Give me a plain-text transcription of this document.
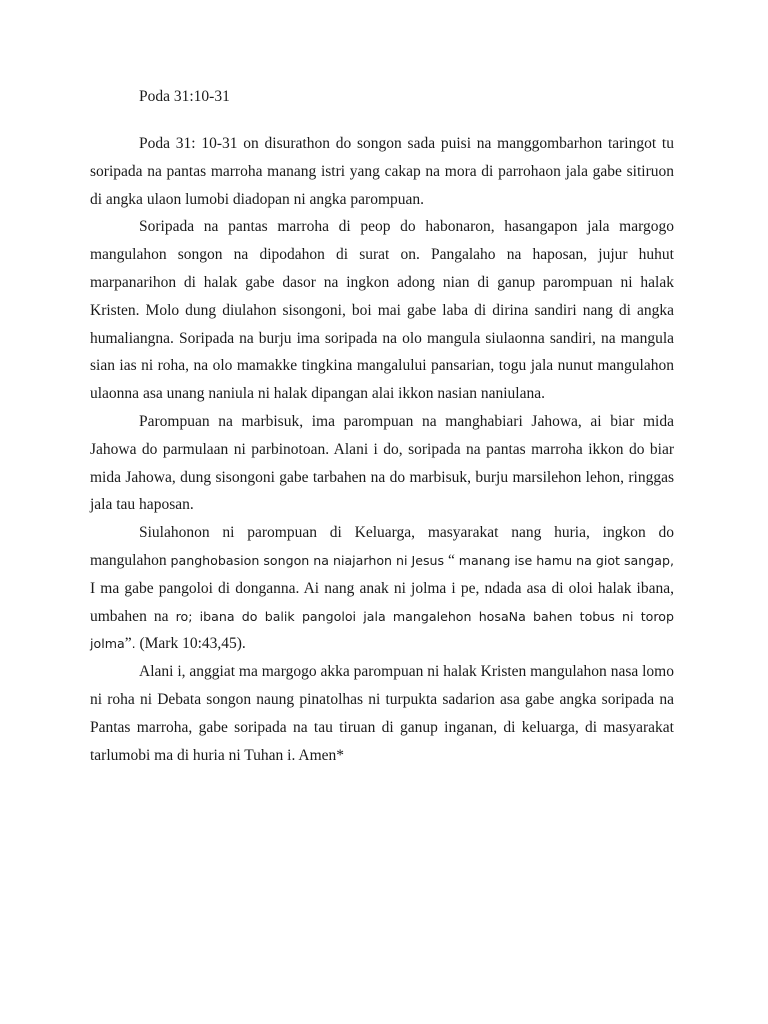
Poda 31:10-31

Poda 31: 10-31 on disurathon do songon sada puisi na manggombarhon taringot tu soripada na pantas marroha manang istri yang cakap na mora di parrohaon jala gabe sitiruon di angka ulaon lumobi diadopan ni angka parompuan.

Soripada na pantas marroha di peop do habonaron, hasangapon jala margogo mangulahon songon na dipodahon di surat on. Pangalaho na haposan, jujur huhut marpanarihon di halak gabe dasor na ingkon adong nian di ganup parompuan ni halak Kristen. Molo dung diulahon sisongoni, boi mai gabe laba di dirina sandiri nang di angka humaliangna. Soripada na burju ima soripada na olo mangula siulaonna sandiri, na mangula sian ias ni roha, na olo mamakke tingkina mangalului pansarian, togu jala nunut mangulahon ulaonna asa unang naniula ni halak dipangan alai ikkon nasian naniulana.

Parompuan na marbisuk, ima parompuan na manghabiari Jahowa, ai biar mida Jahowa do parmulaan ni parbinotoan. Alani i do, soripada na pantas marroha ikkon do biar mida Jahowa, dung sisongoni gabe tarbahen na do marbisuk, burju marsilehon lehon, ringgas jala tau haposan.

Siulahonon ni parompuan di Keluarga, masyarakat nang huria, ingkon do mangulahon panghobasion songon na niajarhon ni Jesus “ manang ise hamu na giot sangap, I ma gabe pangoloi di donganna. Ai nang anak ni jolma i pe, ndada asa di oloi halak ibana, umbahen na ro; ibana do balik pangoloi jala mangalehon hosaNa bahen tobus ni torop jolma”. (Mark 10:43,45).

Alani i, anggiat ma margogo akka parompuan ni halak Kristen mangulahon nasa lomo ni roha ni Debata songon naung pinatolhas ni turpukta sadarion asa gabe angka soripada na Pantas marroha, gabe soripada na tau tiruan di ganup inganan, di keluarga, di masyarakat tarlumobi ma di huria ni Tuhan i. Amen*
